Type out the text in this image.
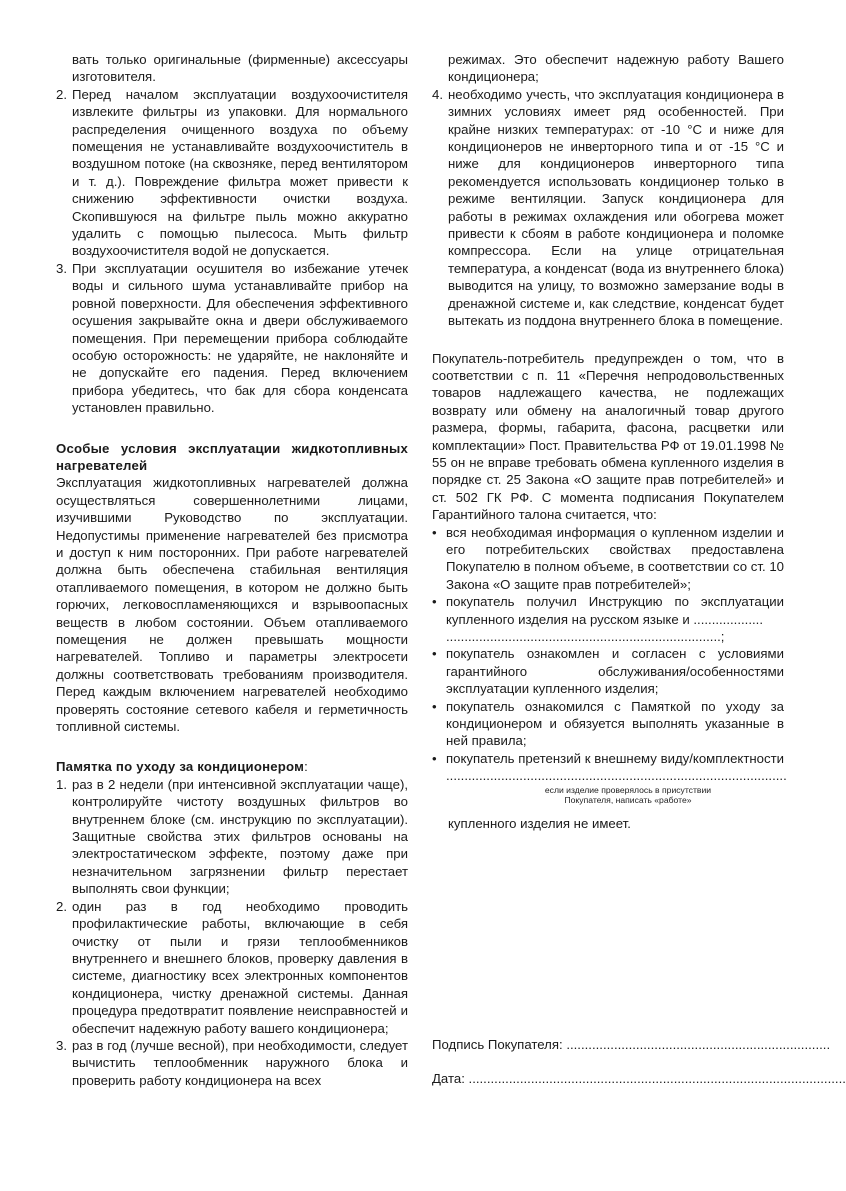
вать только оригинальные (фирменные) аксессуары изготовителя.

2. Перед началом эксплуатации воздухоочистителя извлеките фильтры из упаковки. Для нормального распределения очищенного воздуха по объему помещения не устанавливайте воздухоочиститель в воздушном потоке (на сквозняке, перед вентилятором и т. д.). Повреждение фильтра может привести к снижению эффективности очистки воздуха. Скопившуюся на фильтре пыль можно аккуратно удалить с помощью пылесоса. Мыть фильтр воздухоочистителя водой не допускается.
3. При эксплуатации осушителя во избежание утечек воды и сильного шума устанавливайте прибор на ровной поверхности. Для обеспечения эффективного осушения закрывайте окна и двери обслуживаемого помещения. При перемещении прибора соблюдайте особую осторожность: не ударяйте, не наклоняйте и не допускайте его падения. Перед включением прибора убедитесь, что бак для сбора конденсата установлен правильно.
Особые условия эксплуатации жидкотопливных нагревателей

Эксплуатация жидкотопливных нагревателей должна осуществляться совершеннолетними лицами, изучившими Руководство по эксплуатации. Недопустимы применение нагревателей без присмотра и доступ к ним посторонних. При работе нагревателей должна быть обеспечена стабильная вентиляция отапливаемого помещения, в котором не должно быть горючих, легковоспламеняющихся и взрывоопасных веществ в любом состоянии. Объем отапливаемого помещения не должен превышать мощности нагревателей. Топливо и параметры электросети должны соответствовать требованиям производителя. Перед каждым включением нагревателей необходимо проверять состояние сетевого кабеля и герметичность топливной системы.

Памятка по уходу за кондиционером:
1. раз в 2 недели (при интенсивной эксплуатации чаще), контролируйте чистоту воздушных фильтров во внутреннем блоке (см. инструкцию по эксплуатации). Защитные свойства этих фильтров основаны на электростатическом эффекте, поэтому даже при незначительном загрязнении фильтр перестает выполнять свои функции;
2. один раз в год необходимо проводить профилактические работы, включающие в себя очистку от пыли и грязи теплообменников внутреннего и внешнего блоков, проверку давления в системе, диагностику всех электронных компонентов кондиционера, чистку дренажной системы. Данная процедура предотвратит появление неисправностей и обеспечит надежную работу вашего кондиционера;
3. раз в год (лучше весной), при необходимости, следует вычистить теплообменник наружного блока и проверить работу кондиционера на всех

режимах. Это обеспечит надежную работу Вашего кондиционера;

4. необходимо учесть, что эксплуатация кондиционера в зимних условиях имеет ряд особенностей. При крайне низких температурах: от -10 °С и ниже для кондиционеров не инверторного типа и от -15 °С и ниже для кондиционеров инверторного типа рекомендуется использовать кондиционер только в режиме вентиляции. Запуск кондиционера для работы в режимах охлаждения или обогрева может привести к сбоям в работе кондиционера и поломке компрессора. Если на улице отрицательная температура, а конденсат (вода из внутреннего блока) выводится на улицу, то возможно замерзание воды в дренажной системе и, как следствие, конденсат будет вытекать из поддона внутреннего блока в помещение.

Покупатель-потребитель предупрежден о том, что в соответствии с п. 11 «Перечня непродовольственных товаров надлежащего качества, не подлежащих возврату или обмену на аналогичный товар другого размера, формы, габарита, фасона, расцветки или комплектации» Пост. Правительства РФ от 19.01.1998 № 55 он не вправе требовать обмена купленного изделия в порядке ст. 25 Закона «О защите прав потребителей» и ст. 502 ГК РФ. С момента подписания Покупателем Гарантийного талона считается, что:

• вся необходимая информация о купленном изделии и его потребительских свойствах предоставлена Покупателю в полном объеме, в соответствии со ст. 10 Закона «О защите прав потребителей»;
• покупатель получил Инструкцию по эксплуатации купленного изделия на русском языке и ...................
...........................................................................;
• покупатель ознакомлен и согласен с условиями гарантийного обслуживания/особенностями эксплуатации купленного изделия;
• покупатель ознакомился с Памяткой по уходу за кондиционером и обязуется выполнять указанные в ней правила;
• покупатель претензий к внешнему виду/комплектности .............................................................................................
если изделие проверялось в присутствии
Покупателя, написать «работе»

купленного изделия не имеет.

Подпись Покупателя: ........................................................................
Дата: .......................................................................................................
